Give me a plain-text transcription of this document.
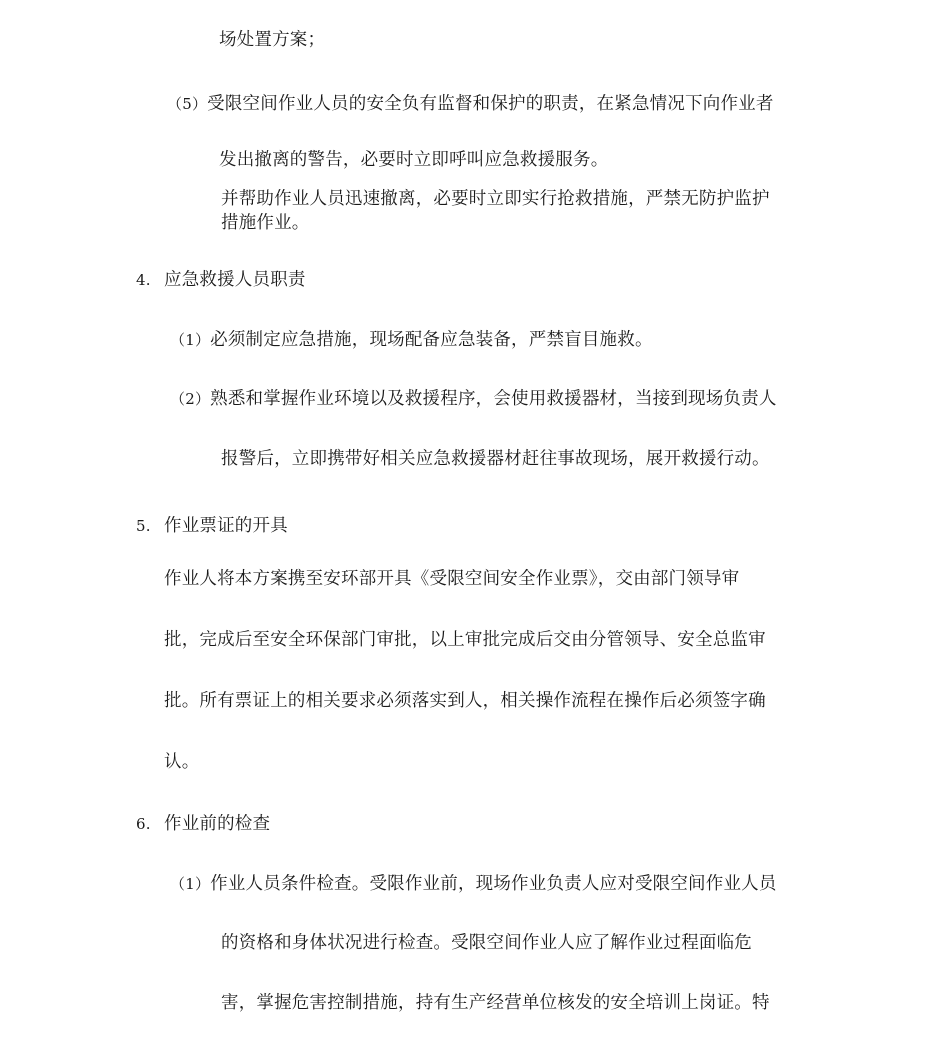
场处置方案；
（5）受限空间作业人员的安全负有监督和保护的职责，在紧急情况下向作业者
发出撤离的警告，必要时立即呼叫应急救援服务。
并帮助作业人员迅速撤离，必要时立即实行抢救措施，严禁无防护监护
措施作业。
4. 应急救援人员职责
（1）必须制定应急措施，现场配备应急装备，严禁盲目施救。
（2）熟悉和掌握作业环境以及救援程序，会使用救援器材，当接到现场负责人
报警后，立即携带好相关应急救援器材赶往事故现场，展开救援行动。
5. 作业票证的开具
作业人将本方案携至安环部开具《受限空间安全作业票》，交由部门领导审
批，完成后至安全环保部门审批，以上审批完成后交由分管领导、安全总监审
批。所有票证上的相关要求必须落实到人，相关操作流程在操作后必须签字确
认。
6. 作业前的检查
（1）作业人员条件检查。受限作业前，现场作业负责人应对受限空间作业人员
的资格和身体状况进行检查。受限空间作业人应了解作业过程面临危
害，掌握危害控制措施，持有生产经营单位核发的安全培训上岗证。特
